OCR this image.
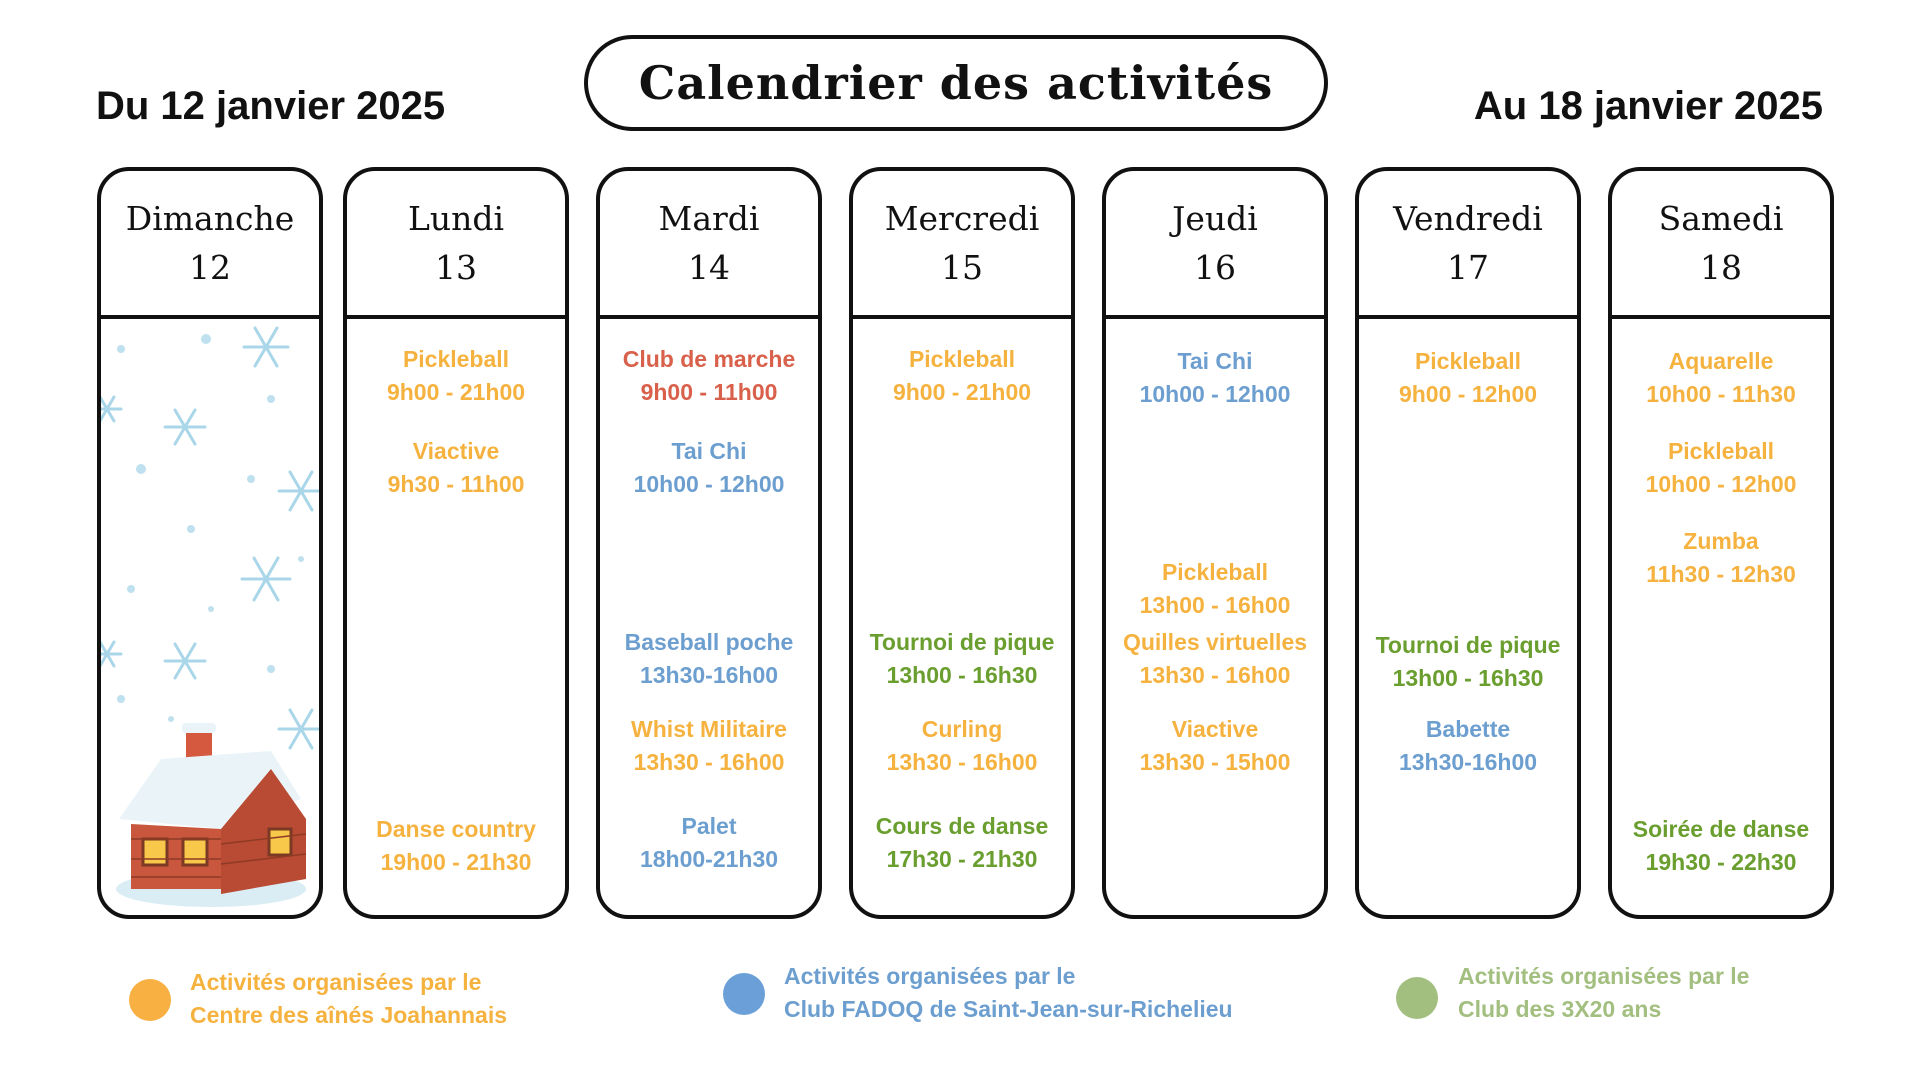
Du 12 janvier 2025	Calendrier des activités	Au 18 janvier 2025
Dimanche
12
Lundi
13
Pickleball
9h00 - 21h00
Viactive
9h30 - 11h00
Danse country
19h00 - 21h30
Mardi
14
Club de marche
9h00 - 11h00
Tai Chi
10h00 - 12h00
Baseball poche
13h30-16h00
Whist Militaire
13h30 - 16h00
Palet
18h00-21h30
Mercredi
15
Pickleball
9h00 - 21h00
Tournoi de pique
13h00 - 16h30
Curling
13h30 - 16h00
Cours de danse
17h30 - 21h30
Jeudi
16
Tai Chi
10h00 - 12h00
Pickleball
13h00 - 16h00
Quilles virtuelles
13h30 - 16h00
Viactive
13h30 - 15h00
Vendredi
17
Pickleball
9h00 - 12h00
Tournoi de pique
13h00 - 16h30
Babette
13h30-16h00
Samedi
18
Aquarelle
10h00 - 11h30
Pickleball
10h00 - 12h00
Zumba
11h30 - 12h30
Soirée de danse
19h30 - 22h30
Activités organisées par le
Centre des aînés Joahannais
Activités organisées par le
Club FADOQ de Saint-Jean-sur-Richelieu
Activités organisées par le
Club des 3X20 ans
